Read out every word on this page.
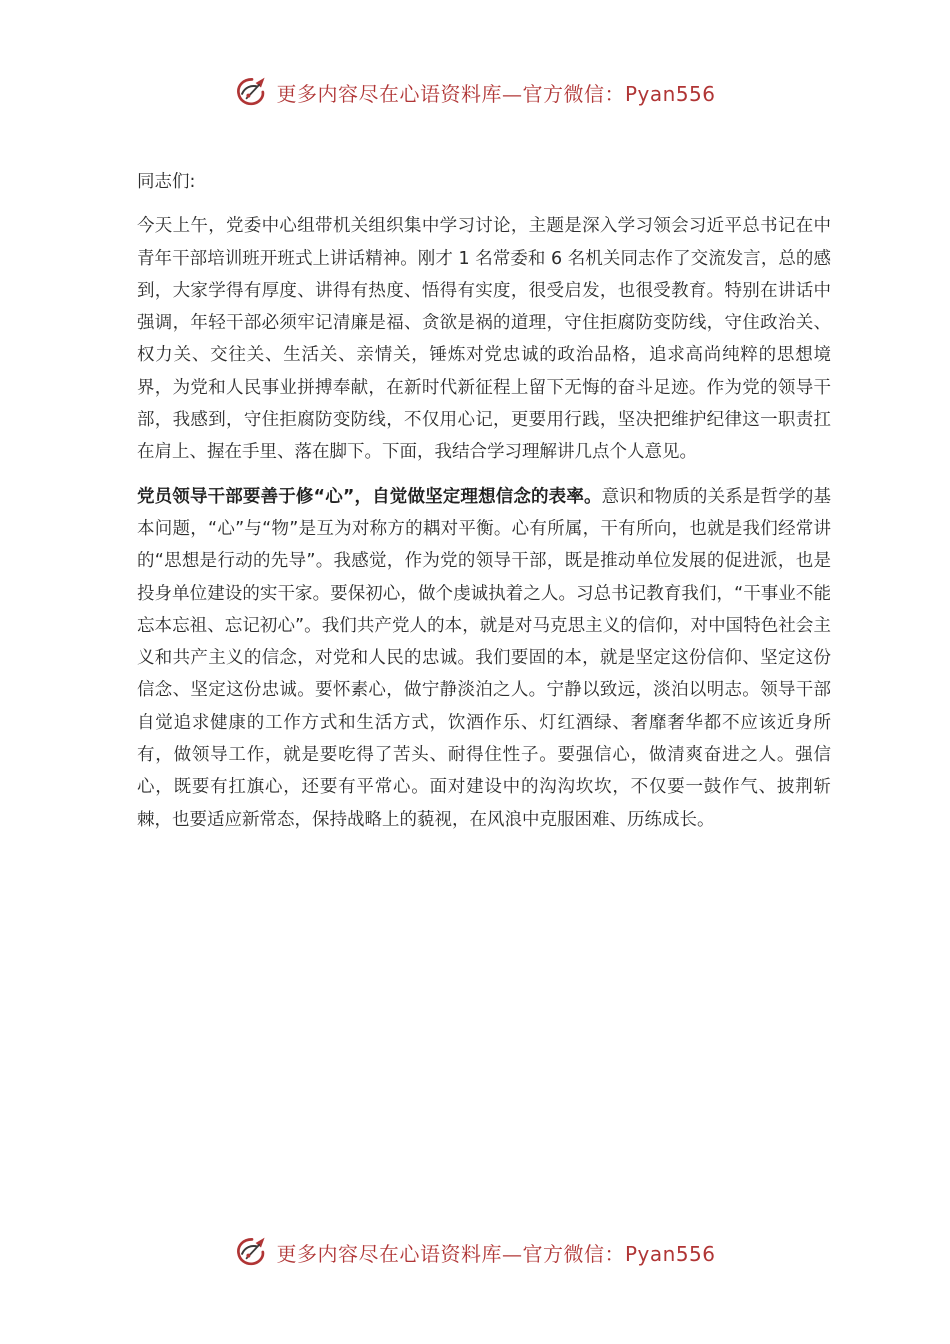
更多内容尽在心语资料库—官方微信：Pyan556

同志们:

今天上午，党委中心组带机关组织集中学习讨论，主题是深入学习领会习近平总书记在中青年干部培训班开班式上讲话精神。刚才 1 名常委和 6 名机关同志作了交流发言，总的感到，大家学得有厚度、讲得有热度、悟得有实度，很受启发，也很受教育。特别在讲话中强调，年轻干部必须牢记清廉是福、贪欲是祸的道理，守住拒腐防变防线，守住政治关、权力关、交往关、生活关、亲情关，锤炼对党忠诚的政治品格，追求高尚纯粹的思想境界，为党和人民事业拼搏奉献，在新时代新征程上留下无悔的奋斗足迹。作为党的领导干部，我感到，守住拒腐防变防线，不仅用心记，更要用行践，坚决把维护纪律这一职责扛在肩上、握在手里、落在脚下。下面，我结合学习理解讲几点个人意见。

党员领导干部要善于修“心”，自觉做坚定理想信念的表率。意识和物质的关系是哲学的基本问题，“心”与“物”是互为对称方的耦对平衡。心有所属，干有所向，也就是我们经常讲的“思想是行动的先导”。我感觉，作为党的领导干部，既是推动单位发展的促进派，也是投身单位建设的实干家。要保初心，做个虔诚执着之人。习总书记教育我们，“干事业不能忘本忘祖、忘记初心”。我们共产党人的本，就是对马克思主义的信仰，对中国特色社会主义和共产主义的信念，对党和人民的忠诚。我们要固的本，就是坚定这份信仰、坚定这份信念、坚定这份忠诚。要怀素心，做宁静淡泊之人。宁静以致远，淡泊以明志。领导干部自觉追求健康的工作方式和生活方式，饮酒作乐、灯红酒绿、奢靡奢华都不应该近身所有，做领导工作，就是要吃得了苦头、耐得住性子。要强信心，做清爽奋进之人。强信心，既要有扛旗心，还要有平常心。面对建设中的沟沟坎坎，不仅要一鼓作气、披荆斩棘，也要适应新常态，保持战略上的藐视，在风浪中克服困难、历练成长。

更多内容尽在心语资料库—官方微信：Pyan556
